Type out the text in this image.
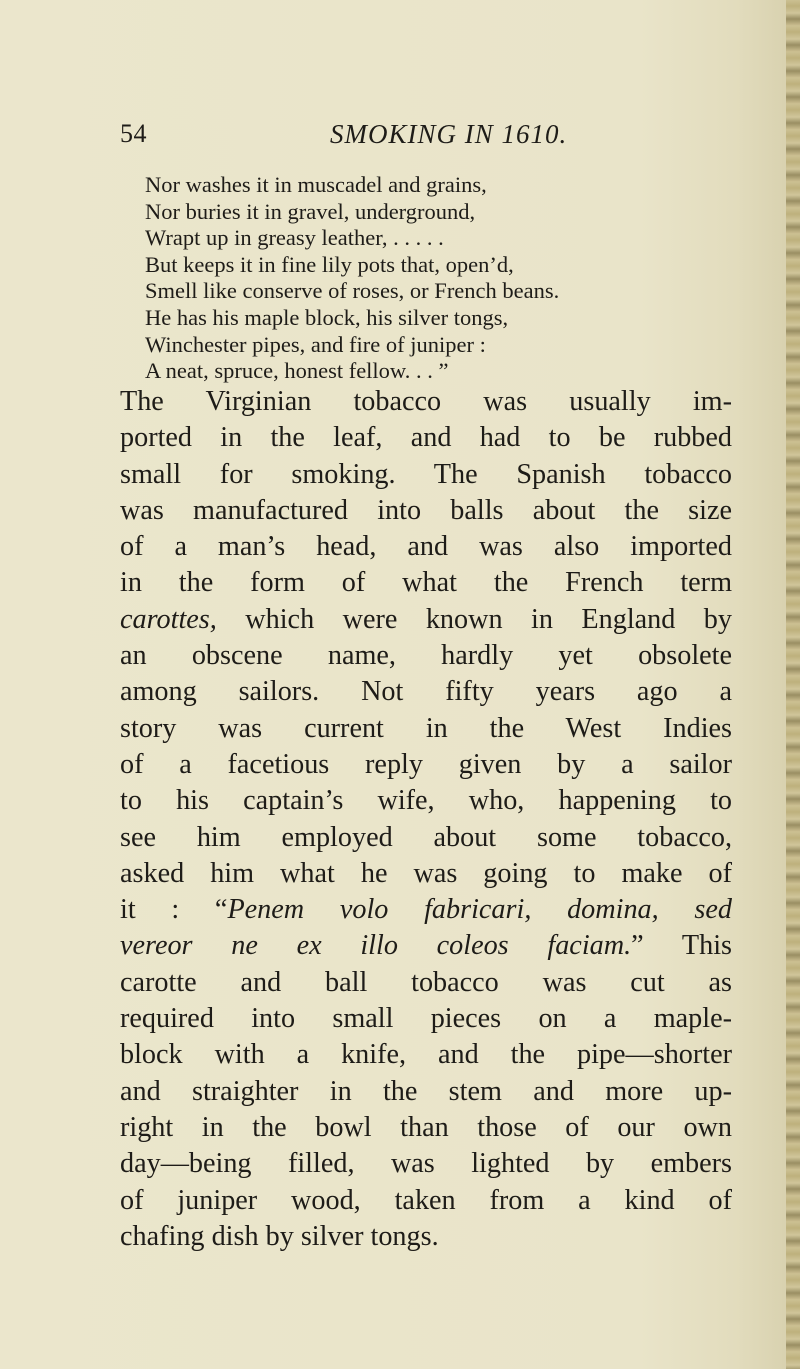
54	SMOKING IN 1610.
Nor washes it in muscadel and grains,
Nor buries it in gravel, underground,
Wrapt up in greasy leather, . . . . .
But keeps it in fine lily pots that, open’d,
Smell like conserve of roses, or French beans.
He has his maple block, his silver tongs,
Winchester pipes, and fire of juniper :
A neat, spruce, honest fellow. . . ”
The Virginian tobacco was usually im-
ported in the leaf, and had to be rubbed
small for smoking. The Spanish tobacco
was manufactured into balls about the size
of a man’s head, and was also imported
in the form of what the French term
carottes, which were known in England by
an obscene name, hardly yet obsolete
among sailors. Not fifty years ago a
story was current in the West Indies
of a facetious reply given by a sailor
to his captain’s wife, who, happening to
see him employed about some tobacco,
asked him what he was going to make of
it : “Penem volo fabricari, domina, sed
vereor ne ex illo coleos faciam.” This
carotte and ball tobacco was cut as
required into small pieces on a maple-
block with a knife, and the pipe—shorter
and straighter in the stem and more up-
right in the bowl than those of our own
day—being filled, was lighted by embers
of juniper wood, taken from a kind of
chafing dish by silver tongs.
